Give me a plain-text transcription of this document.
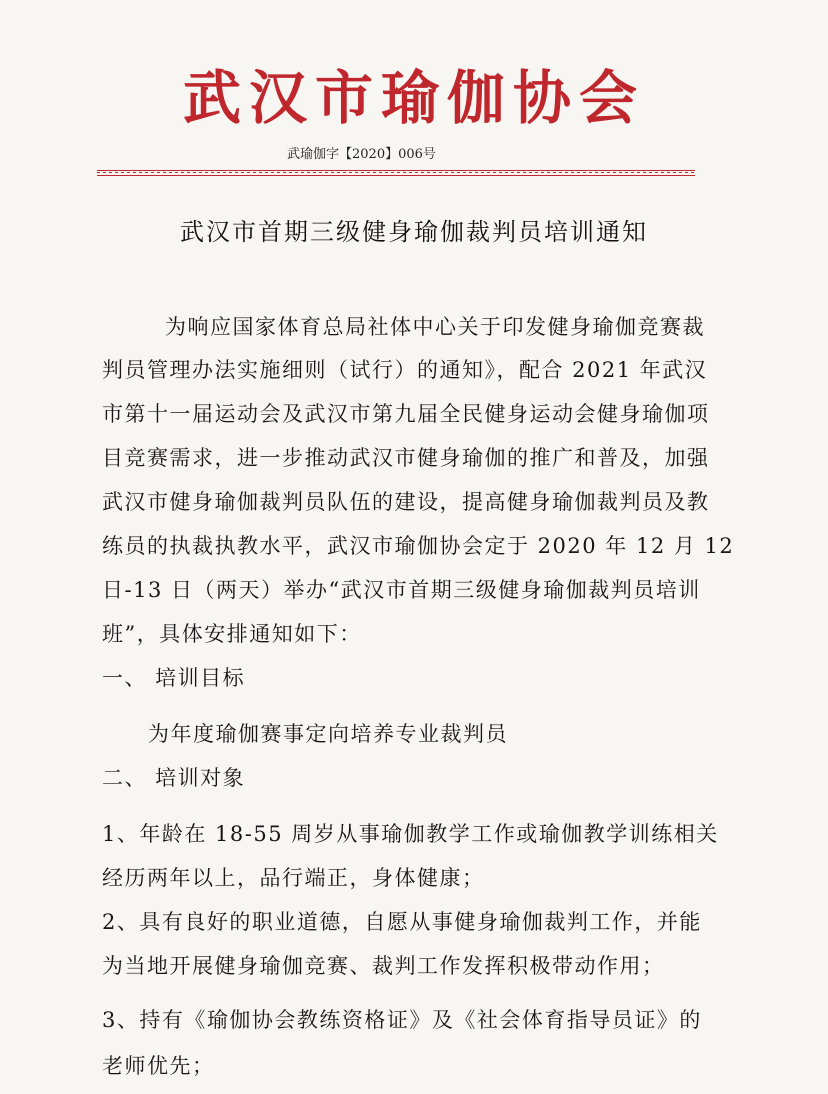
武汉市瑜伽协会
武瑜伽字【2020】006号
武汉市首期三级健身瑜伽裁判员培训通知
为响应国家体育总局社体中心关于印发健身瑜伽竞赛裁
判员管理办法实施细则（试行）的通知》，配合 2021 年武汉
市第十一届运动会及武汉市第九届全民健身运动会健身瑜伽项
目竞赛需求，进一步推动武汉市健身瑜伽的推广和普及，加强
武汉市健身瑜伽裁判员队伍的建设，提高健身瑜伽裁判员及教
练员的执裁执教水平，武汉市瑜伽协会定于 2020 年 12 月 12
日-13 日（两天）举办“武汉市首期三级健身瑜伽裁判员培训
班”，具体安排通知如下：
一、 培训目标
为年度瑜伽赛事定向培养专业裁判员
二、 培训对象
1、年龄在 18-55 周岁从事瑜伽教学工作或瑜伽教学训练相关
经历两年以上，品行端正，身体健康；
2、具有良好的职业道德，自愿从事健身瑜伽裁判工作，并能
为当地开展健身瑜伽竞赛、裁判工作发挥积极带动作用；
3、持有《瑜伽协会教练资格证》及《社会体育指导员证》的
老师优先；
